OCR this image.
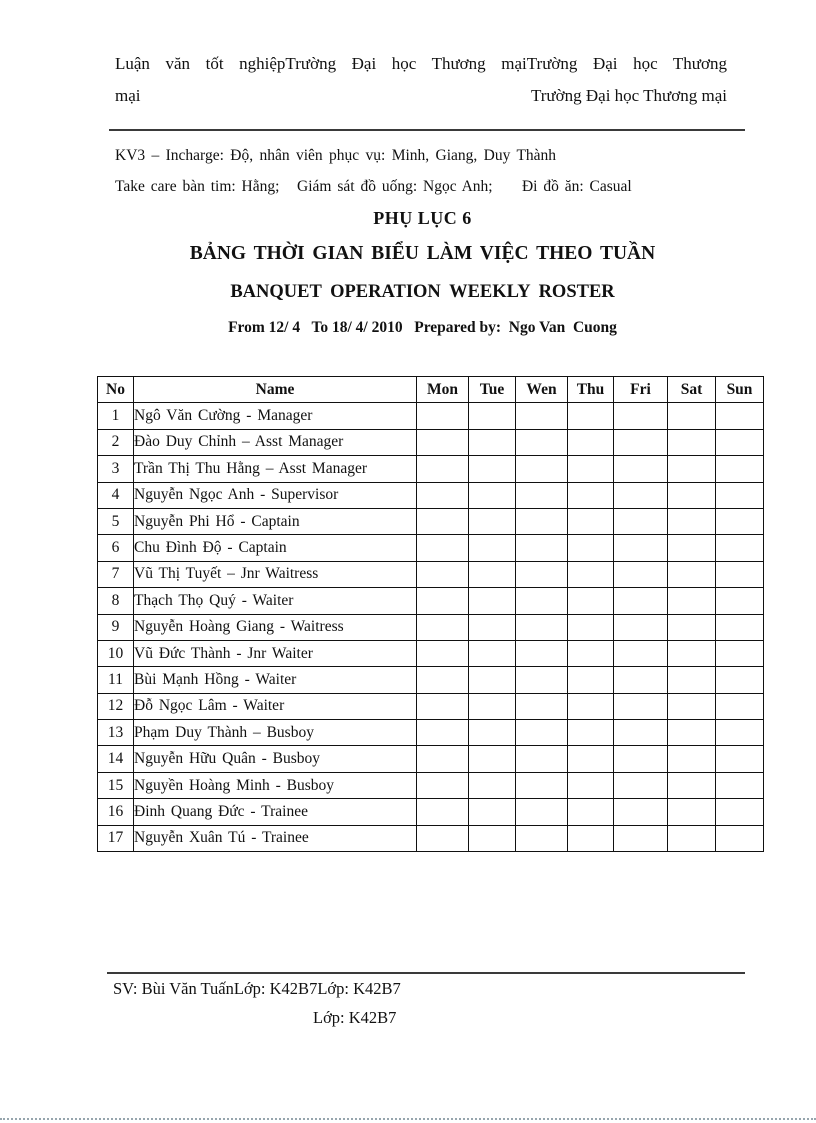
Luận văn tốt nghiệpTrường Đại học Thương mạiTrường Đại học Thương
mại	Trường Đại học Thương mại
KV3 – Incharge: Độ, nhân viên phục vụ: Minh, Giang, Duy Thành
Take care bàn tim: Hằng;   Giám sát đồ uống: Ngọc Anh;     Đi đồ ăn: Casual
PHỤ LỤC 6
BẢNG THỜI GIAN BIỂU LÀM VIỆC THEO TUẦN
BANQUET OPERATION WEEKLY ROSTER
From 12/ 4   To 18/ 4/ 2010   Prepared by:  Ngo Van  Cuong
No	Name	Mon	Tue	Wen	Thu	Fri	Sat	Sun
1	Ngô Văn Cường - Manager							
2	Đào Duy Chỉnh – Asst Manager							
3	Trần Thị Thu Hằng – Asst Manager							
4	Nguyễn Ngọc Anh - Supervisor							
5	Nguyễn Phi Hổ - Captain							
6	Chu Đình Độ - Captain							
7	Vũ Thị Tuyết – Jnr Waitress							
8	Thạch Thọ Quý - Waiter							
9	Nguyễn Hoàng Giang - Waitress							
10	Vũ Đức Thành - Jnr Waiter							
11	Bùi Mạnh Hồng - Waiter							
12	Đỗ Ngọc Lâm - Waiter							
13	Phạm Duy Thành – Busboy							
14	Nguyễn Hữu Quân - Busboy							
15	Nguyền Hoàng Minh - Busboy							
16	Đinh Quang Đức - Trainee							
17	Nguyễn Xuân Tú - Trainee							
SV: Bùi Văn TuấnLớp: K42B7Lớp: K42B7
Lớp: K42B7
